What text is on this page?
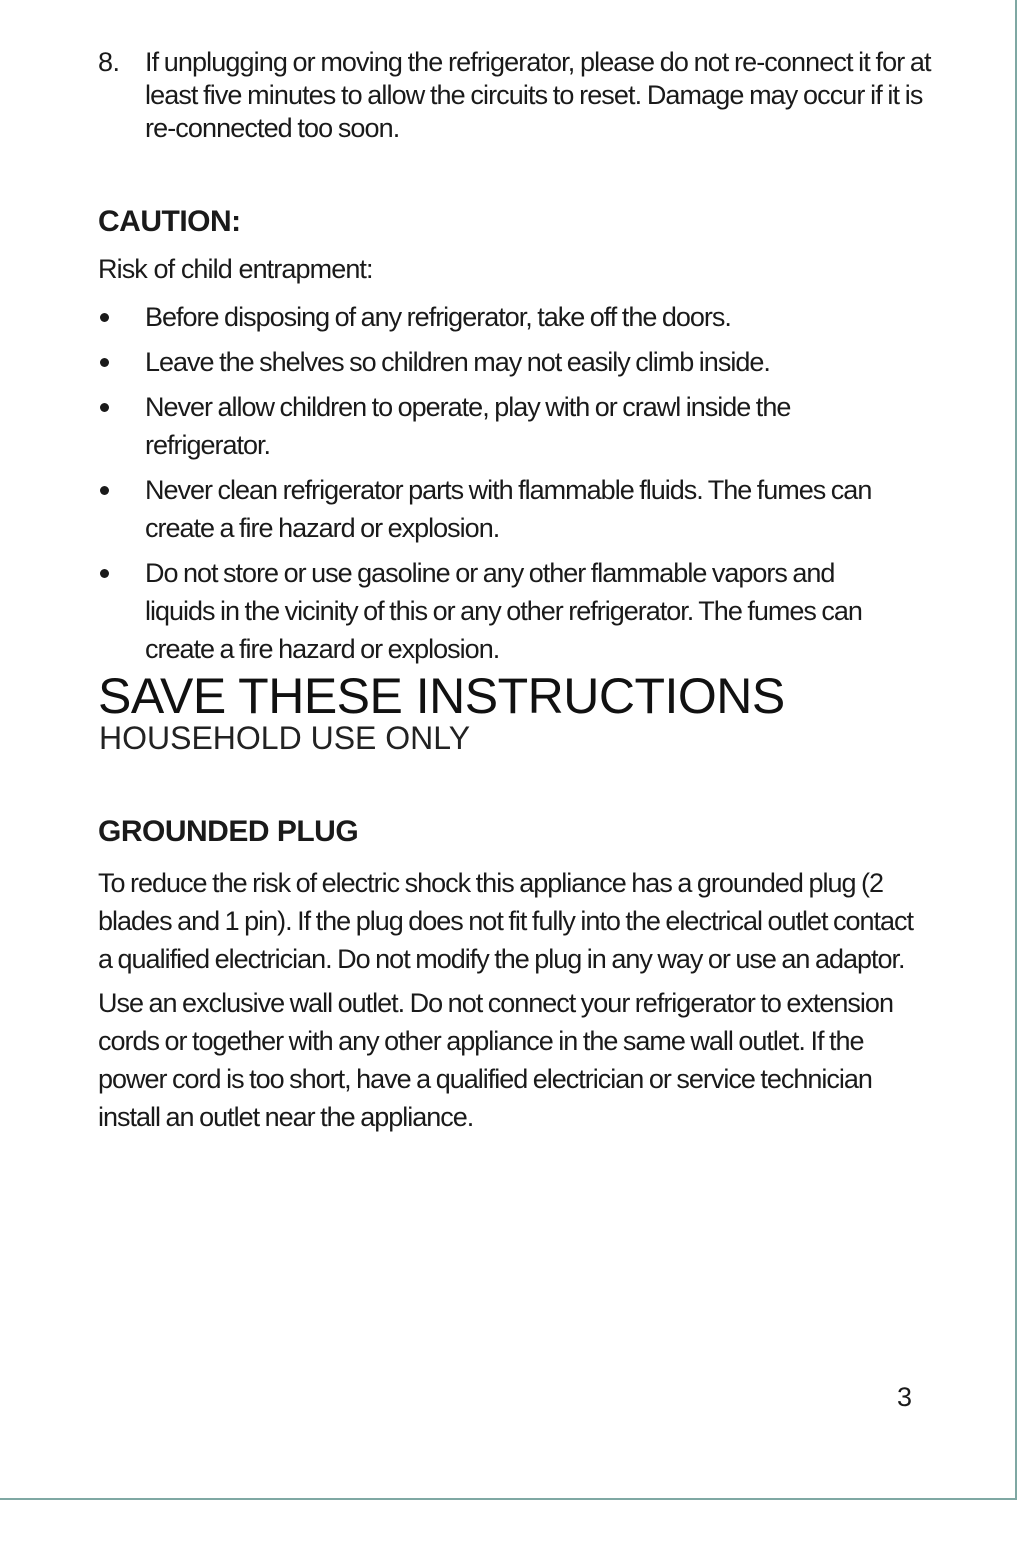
8. If unplugging or moving the refrigerator, please do not re-connect it for at least five minutes to allow the circuits to reset. Damage may occur if it is re-connected too soon.
CAUTION:

Risk of child entrapment:

Before disposing of any refrigerator, take off the doors.
Leave the shelves so children may not easily climb inside.
Never allow children to operate, play with or crawl inside the refrigerator.
Never clean refrigerator parts with flammable fluids. The fumes can create a fire hazard or explosion.
Do not store or use gasoline or any other flammable vapors and liquids in the vicinity of this or any other refrigerator. The fumes can create a fire hazard or explosion.
SAVE THESE INSTRUCTIONS

HOUSEHOLD USE ONLY

GROUNDED PLUG

To reduce the risk of electric shock this appliance has a grounded plug (2 blades and 1 pin). If the plug does not fit fully into the electrical outlet contact a qualified electrician. Do not modify the plug in any way or use an adaptor.

Use an exclusive wall outlet. Do not connect your refrigerator to extension cords or together with any other appliance in the same wall outlet. If the power cord is too short, have a qualified electrician or service technician install an outlet near the appliance.

3
